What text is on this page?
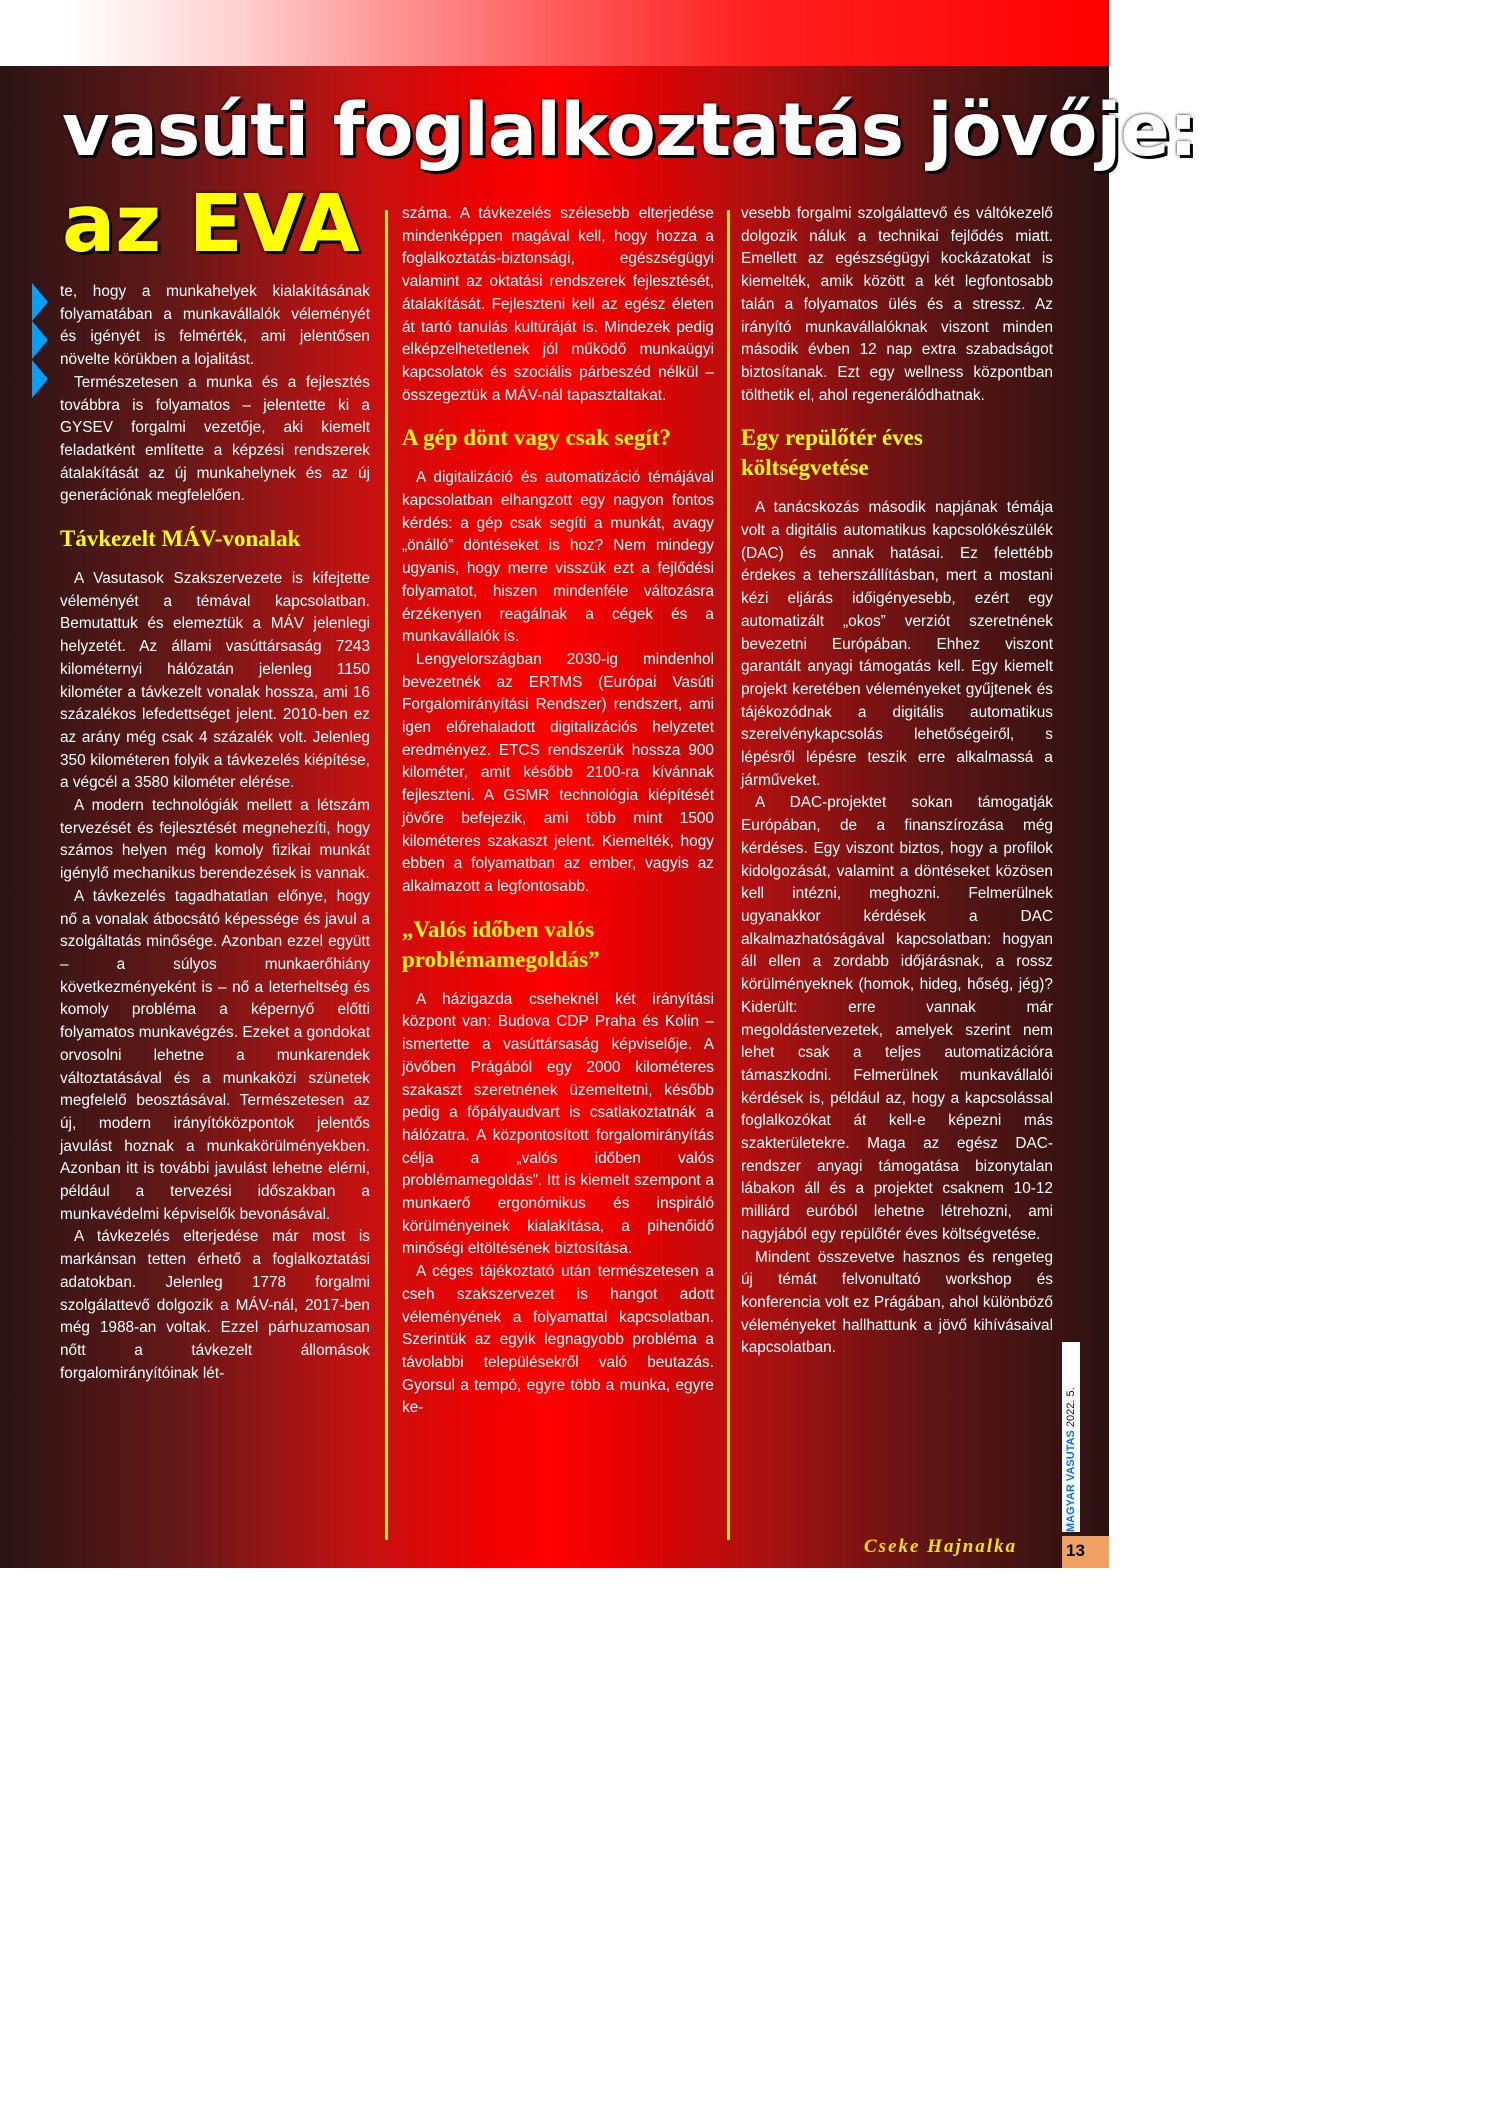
vasúti foglalkoztatás jövője:
az EVA

te, hogy a munkahelyek kialakításának folyamatában a munkavállalók véleményét és igényét is felmérték, ami jelentősen növelte körükben a lojalitást.

Természetesen a munka és a fejlesztés továbbra is folyamatos – jelentette ki a GYSEV forgalmi vezetője, aki kiemelt feladatként említette a képzési rendszerek átalakítását az új munkahelynek és az új generációnak megfelelően.

Távkezelt MÁV-vonalak

A Vasutasok Szakszervezete is kifejtette véleményét a témával kapcsolatban. Bemutattuk és elemeztük a MÁV jelenlegi helyzetét. Az állami vasúttársaság 7243 kilométernyi hálózatán jelenleg 1150 kilométer a távkezelt vonalak hossza, ami 16 százalékos lefedettséget jelent. 2010-ben ez az arány még csak 4 százalék volt. Jelenleg 350 kilométeren folyik a távkezelés kiépítése, a végcél a 3580 kilométer elérése.

A modern technológiák mellett a létszám tervezését és fejlesztését megnehezíti, hogy számos helyen még komoly fizikai munkát igénylő mechanikus berendezések is vannak.

A távkezelés tagadhatatlan előnye, hogy nő a vonalak átbocsátó képessége és javul a szolgáltatás minősége. Azonban ezzel együtt – a súlyos munkaerőhiány következményeként is – nő a leterheltség és komoly probléma a képernyő előtti folyamatos munkavégzés. Ezeket a gondokat orvosolni lehetne a munkarendek változtatásával és a munkaközi szünetek megfelelő beosztásával. Természetesen az új, modern irányítóközpontok jelentős javulást hoznak a munkakörülményekben. Azonban itt is további javulást lehetne elérni, például a tervezési időszakban a munkavédelmi képviselők bevonásával.

A távkezelés elterjedése már most is markánsan tetten érhető a foglalkoztatási adatokban. Jelenleg 1778 forgalmi szolgálattevő dolgozik a MÁV-nál, 2017-ben még 1988-an voltak. Ezzel párhuzamosan nőtt a távkezelt állomások forgalomirányítóinak lét-

száma. A távkezelés szélesebb elterjedése mindenképpen magával kell, hogy hozza a foglalkoztatás-biztonsági, egészségügyi valamint az oktatási rendszerek fejlesztését, átalakítását. Fejleszteni kell az egész életen át tartó tanulás kultúráját is. Mindezek pedig elképzelhetetlenek jól működő munkaügyi kapcsolatok és szociális párbeszéd nélkül – összegeztük a MÁV-nál tapasztaltakat.

A gép dönt vagy csak segít?

A digitalizáció és automatizáció témájával kapcsolatban elhangzott egy nagyon fontos kérdés: a gép csak segíti a munkát, avagy „önálló” döntéseket is hoz? Nem mindegy ugyanis, hogy merre visszük ezt a fejlődési folyamatot, hiszen mindenféle változásra érzékenyen reagálnak a cégek és a munkavállalók is.

Lengyelországban 2030-ig mindenhol bevezetnék az ERTMS (Európai Vasúti Forgalomirányítási Rendszer) rendszert, ami igen előrehaladott digitalizációs helyzetet eredményez. ETCS rendszerük hossza 900 kilométer, amit később 2100-ra kívánnak fejleszteni. A GSMR technológia kiépítését jövőre befejezik, ami több mint 1500 kilométeres szakaszt jelent. Kiemelték, hogy ebben a folyamatban az ember, vagyis az alkalmazott a legfontosabb.

„Valós időben valós problémamegoldás”

A házigazda cseheknél két irányítási központ van: Budova CDP Praha és Kolin – ismertette a vasúttársaság képviselője. A jövőben Prágából egy 2000 kilométeres szakaszt szeretnének üzemeltetni, később pedig a főpályaudvart is csatlakoztatnák a hálózatra. A központosított forgalomirányítás célja a „valós időben valós problémamegoldás”. Itt is kiemelt szempont a munkaerő ergonómikus és inspiráló körülményeinek kialakítása, a pihenőidő minőségi eltöltésének biztosítása.

A céges tájékoztató után természetesen a cseh szakszervezet is hangot adott véleményének a folyamattal kapcsolatban. Szerintük az egyik legnagyobb probléma a távolabbi településekről való beutazás. Gyorsul a tempó, egyre több a munka, egyre ke-

vesebb forgalmi szolgálattevő és váltókezelő dolgozik náluk a technikai fejlődés miatt. Emellett az egészségügyi kockázatokat is kiemelték, amik között a két legfontosabb talán a folyamatos ülés és a stressz. Az irányító munkavállalóknak viszont minden második évben 12 nap extra szabadságot biztosítanak. Ezt egy wellness központban tölthetik el, ahol regenerálódhatnak.

Egy repülőtér éves költségvetése

A tanácskozás második napjának témája volt a digitális automatikus kapcsolókészülék (DAC) és annak hatásai. Ez felettébb érdekes a teherszállításban, mert a mostani kézi eljárás időigényesebb, ezért egy automatizált „okos” verziót szeretnének bevezetni Európában. Ehhez viszont garantált anyagi támogatás kell. Egy kiemelt projekt keretében véleményeket gyűjtenek és tájékozódnak a digitális automatikus szerelvénykapcsolás lehetőségeiről, s lépésről lépésre teszik erre alkalmassá a járműveket.

A DAC-projektet sokan támogatják Európában, de a finanszírozása még kérdéses. Egy viszont biztos, hogy a profilok kidolgozását, valamint a döntéseket közösen kell intézni, meghozni. Felmerülnek ugyanakkor kérdések a DAC alkalmazhatóságával kapcsolatban: hogyan áll ellen a zordabb időjárásnak, a rossz körülményeknek (homok, hideg, hőség, jég)? Kiderült: erre vannak már megoldástervezetek, amelyek szerint nem lehet csak a teljes automatizációra támaszkodni. Felmerülnek munkavállalói kérdések is, például az, hogy a kapcsolással foglalkozókat át kell-e képezni más szakterületekre. Maga az egész DAC-rendszer anyagi támogatása bizonytalan lábakon áll és a projektet csaknem 10-12 milliárd euróból lehetne létrehozni, ami nagyjából egy repülőtér éves költségvetése.

Mindent összevetve hasznos és rengeteg új témát felvonultató workshop és konferencia volt ez Prágában, ahol különböző véleményeket hallhattunk a jövő kihívásaival kapcsolatban.

Cseke Hajnalka
MAGYAR VASUTAS 2022. 5.
13
